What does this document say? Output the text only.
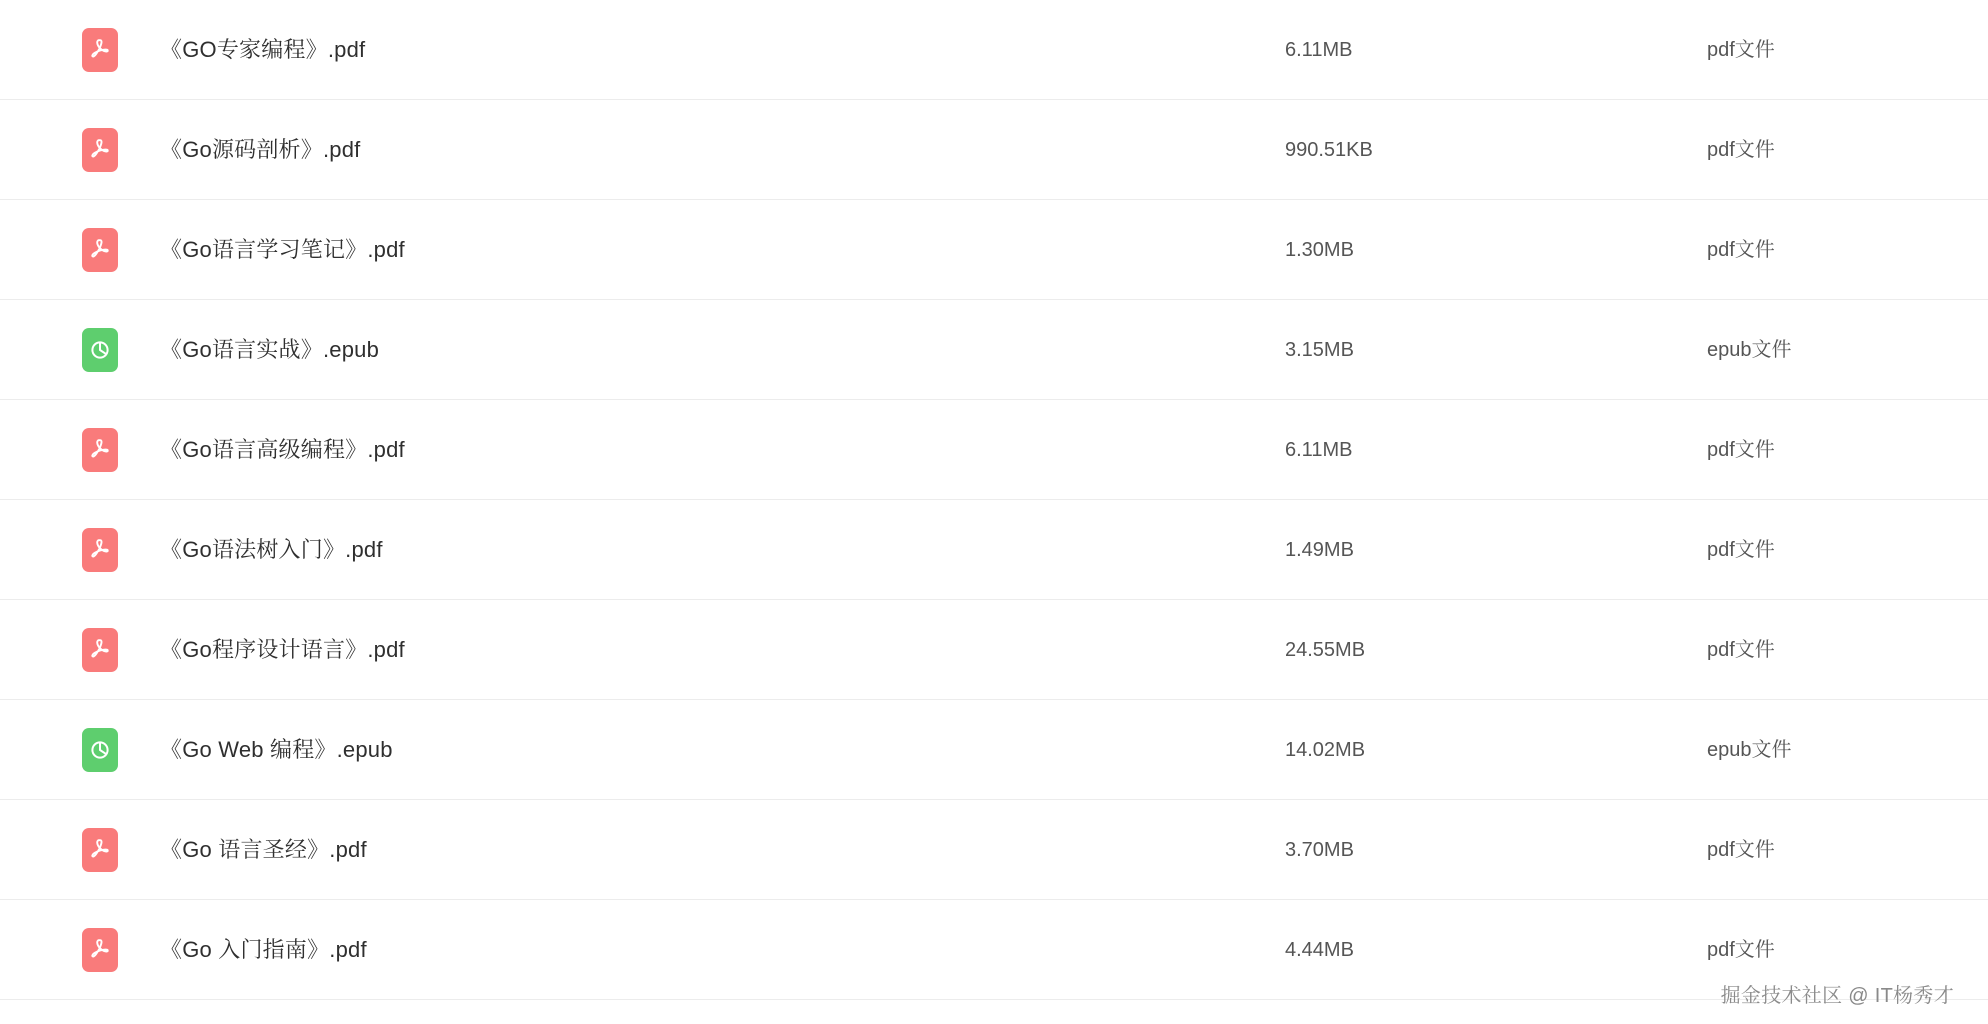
《GO专家编程》.pdf	6.11MB	pdf文件
《Go源码剖析》.pdf	990.51KB	pdf文件
《Go语言学习笔记》.pdf	1.30MB	pdf文件
《Go语言实战》.epub	3.15MB	epub文件
《Go语言高级编程》.pdf	6.11MB	pdf文件
《Go语法树入门》.pdf	1.49MB	pdf文件
《Go程序设计语言》.pdf	24.55MB	pdf文件
《Go Web 编程》.epub	14.02MB	epub文件
《Go 语言圣经》.pdf	3.70MB	pdf文件
《Go 入门指南》.pdf	4.44MB	pdf文件
掘金技术社区 @ IT杨秀才
